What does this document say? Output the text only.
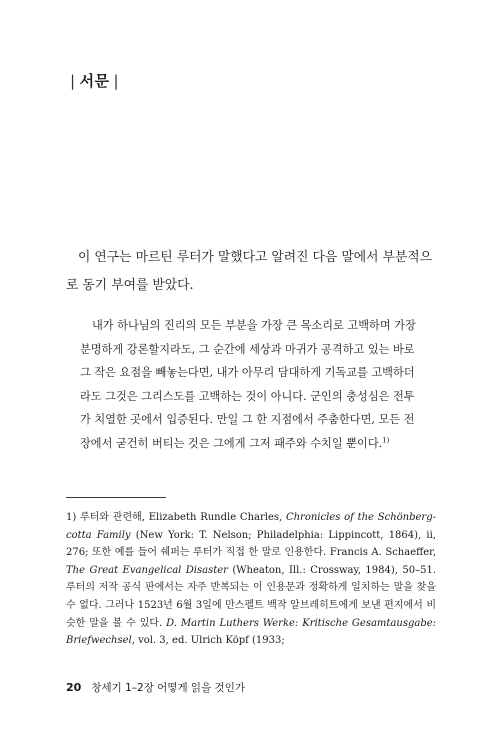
| 서문 |

이 연구는 마르틴 루터가 말했다고 알려진 다음 말에서 부분적으로 동기 부여를 받았다.

내가 하나님의 진리의 모든 부분을 가장 큰 목소리로 고백하며 가장 분명하게 강론할지라도, 그 순간에 세상과 마귀가 공격하고 있는 바로 그 작은 요점을 빼놓는다면, 내가 아무리 담대하게 기독교를 고백하더라도 그것은 그리스도를 고백하는 것이 아니다. 군인의 충성심은 전투가 치열한 곳에서 입증된다. 만일 그 한 지점에서 주춤한다면, 모든 전장에서 굳건히 버티는 것은 그에게 그저 패주와 수치일 뿐이다.$^{1)}$

1) 루터와 관련해, Elizabeth Rundle Charles, Chronicles of the Schönberg-cotta Family (New York: T. Nelson; Philadelphia: Lippincott, 1864), ii, 276; 또한 예를 들어 쉐퍼는 루터가 직접 한 말로 인용한다. Francis A. Schaeffer, The Great Evangelical Disaster (Wheaton, Ill.: Crossway, 1984), 50–51. 루터의 저작 공식 판에서는 자주 반복되는 이 인용문과 정확하게 일치하는 말을 찾을 수 없다. 그러나 1523년 6월 3일에 만스펠트 백작 알브레히트에게 보낸 편지에서 비슷한 말을 볼 수 있다. D. Martin Luthers Werke: Kritische Gesamtausgabe: Briefwechsel, vol. 3, ed. Ulrich Köpf (1933;

20 창세기 1–2장 어떻게 읽을 것인가
